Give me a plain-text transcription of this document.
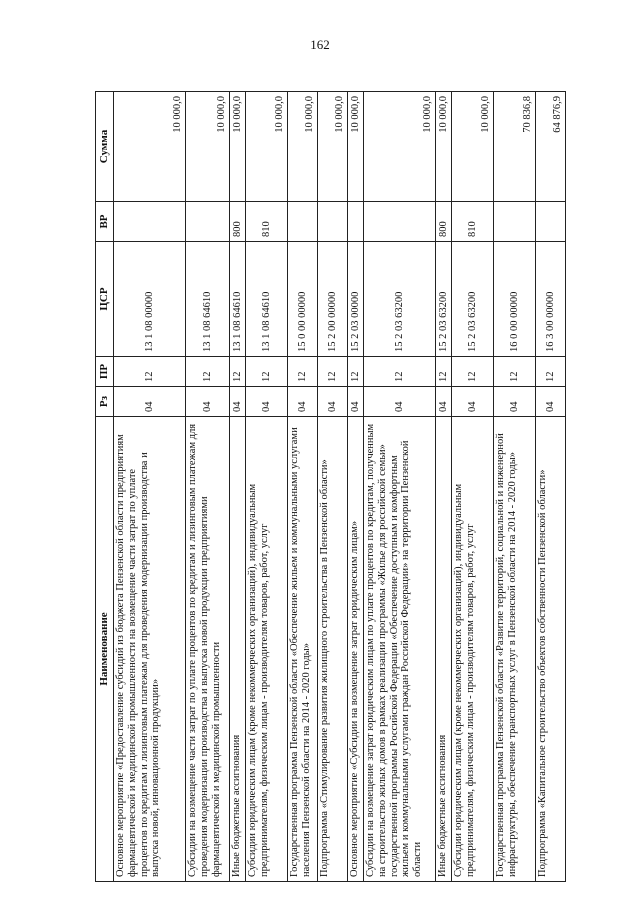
162
Наименование	Рз	ПР	ЦСР	ВР	Сумма
Основное мероприятие «Предоставление субсидий из бюджета Пензенской области предприятиям фармацевтической и медицинской промышленности на возмещение части затрат по уплате процентов по кредитам и лизинговым платежам для проведения модернизации производства и выпуска новой, инновационной продукции»	04	12	13 1 08 00000		10 000,0
Субсидии на возмещение части затрат по уплате процентов по кредитам и лизинговым платежам для проведения модернизации производства и выпуска новой продукции предприятиями фармацевтической и медицинской промышленности	04	12	13 1 08 64610		10 000,0
Иные бюджетные ассигнования	04	12	13 1 08 64610	800	10 000,0
Субсидии юридическим лицам (кроме некоммерческих организаций), индивидуальным предпринимателям, физическим лицам - производителям товаров, работ, услуг	04	12	13 1 08 64610	810	10 000,0
Государственная программа Пензенской области «Обеспечение жильем и коммунальными услугами населения Пензенской области на 2014 - 2020 годы»	04	12	15 0 00 00000		10 000,0
Подпрограмма «Стимулирование развития жилищного строительства в Пензенской области»	04	12	15 2 00 00000		10 000,0
Основное мероприятие «Субсидии на возмещение затрат юридическим лицам»	04	12	15 2 03 00000		10 000,0
Субсидии на возмещение затрат юридическим лицам по уплате процентов по кредитам, полученным на строительство жилых домов в рамках реализации программы «Жилье для российской семьи» государственной программы Российской Федерации «Обеспечение доступным и комфортным жильем и коммунальными услугами граждан Российской Федерации» на территории Пензенской области	04	12	15 2 03 63200		10 000,0
Иные бюджетные ассигнования	04	12	15 2 03 63200	800	10 000,0
Субсидии юридическим лицам (кроме некоммерческих организаций), индивидуальным предпринимателям, физическим лицам - производителям товаров, работ, услуг	04	12	15 2 03 63200	810	10 000,0
Государственная программа Пензенской области «Развитие территорий, социальной и инженерной инфраструктуры, обеспечение транспортных услуг в Пензенской области на 2014 - 2020 годы»	04	12	16 0 00 00000		70 836,8
Подпрограмма «Капитальное строительство объектов собственности Пензенской области»	04	12	16 3 00 00000		64 876,9
